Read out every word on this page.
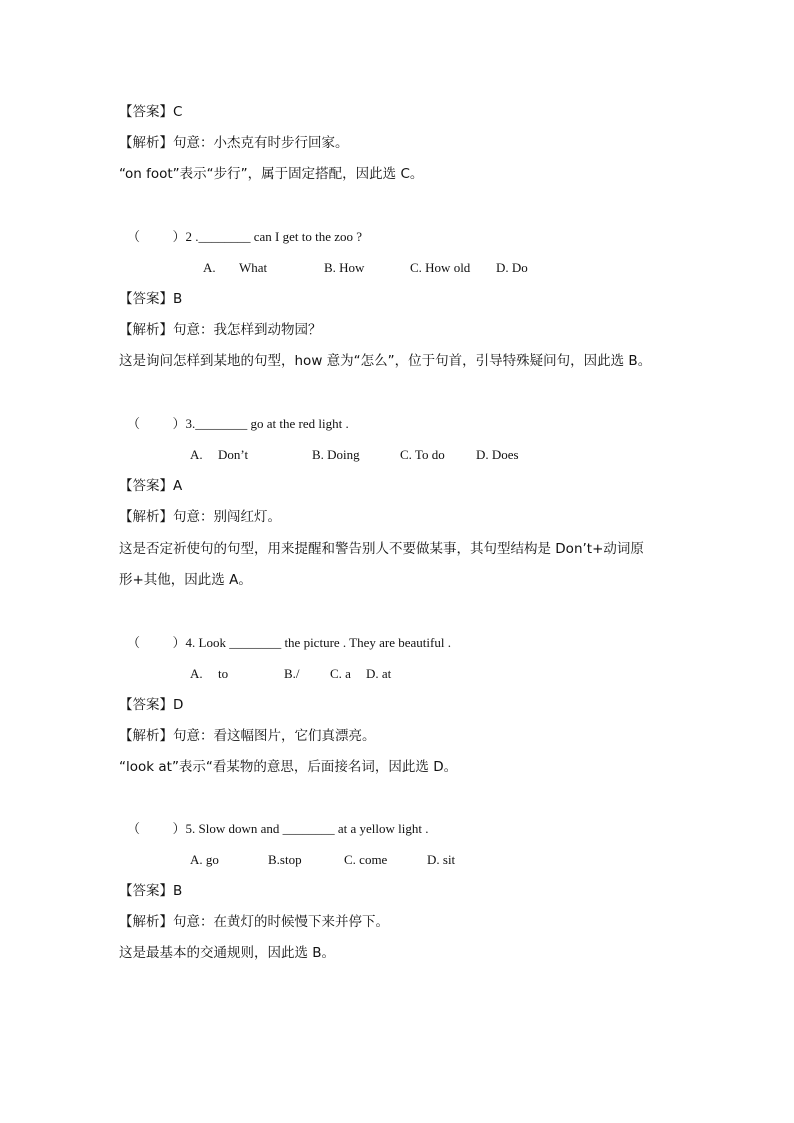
【答案】C
【解析】句意：小杰克有时步行回家。
“on foot”表示“步行”，属于固定搭配，因此选 C。
（          ）2 .________ can I get to the zoo ?
A. What	B. How	C. How old D. Do
【答案】B
【解析】句意：我怎样到动物园？
这是询问怎样到某地的句型，how 意为“怎么”，位于句首，引导特殊疑问句，因此选 B。
（          ）3.________ go at the red light .
A. Don’t	B. Doing	C. To do D. Does
【答案】A
【解析】句意：别闯红灯。
这是否定祈使句的句型，用来提醒和警告别人不要做某事，其句型结构是 Don’t+动词原
形+其他，因此选 A。
（          ）4. Look ________ the picture . They are beautiful .
A. to	B./ C. a D. at
【答案】D
【解析】句意：看这幅图片，它们真漂亮。
“look at”表示“看某物的意思，后面接名词，因此选 D。
（          ）5. Slow down and ________ at a yellow light .
A. go	B.stop	C. come	D. sit
【答案】B
【解析】句意：在黄灯的时候慢下来并停下。
这是最基本的交通规则，因此选 B。
